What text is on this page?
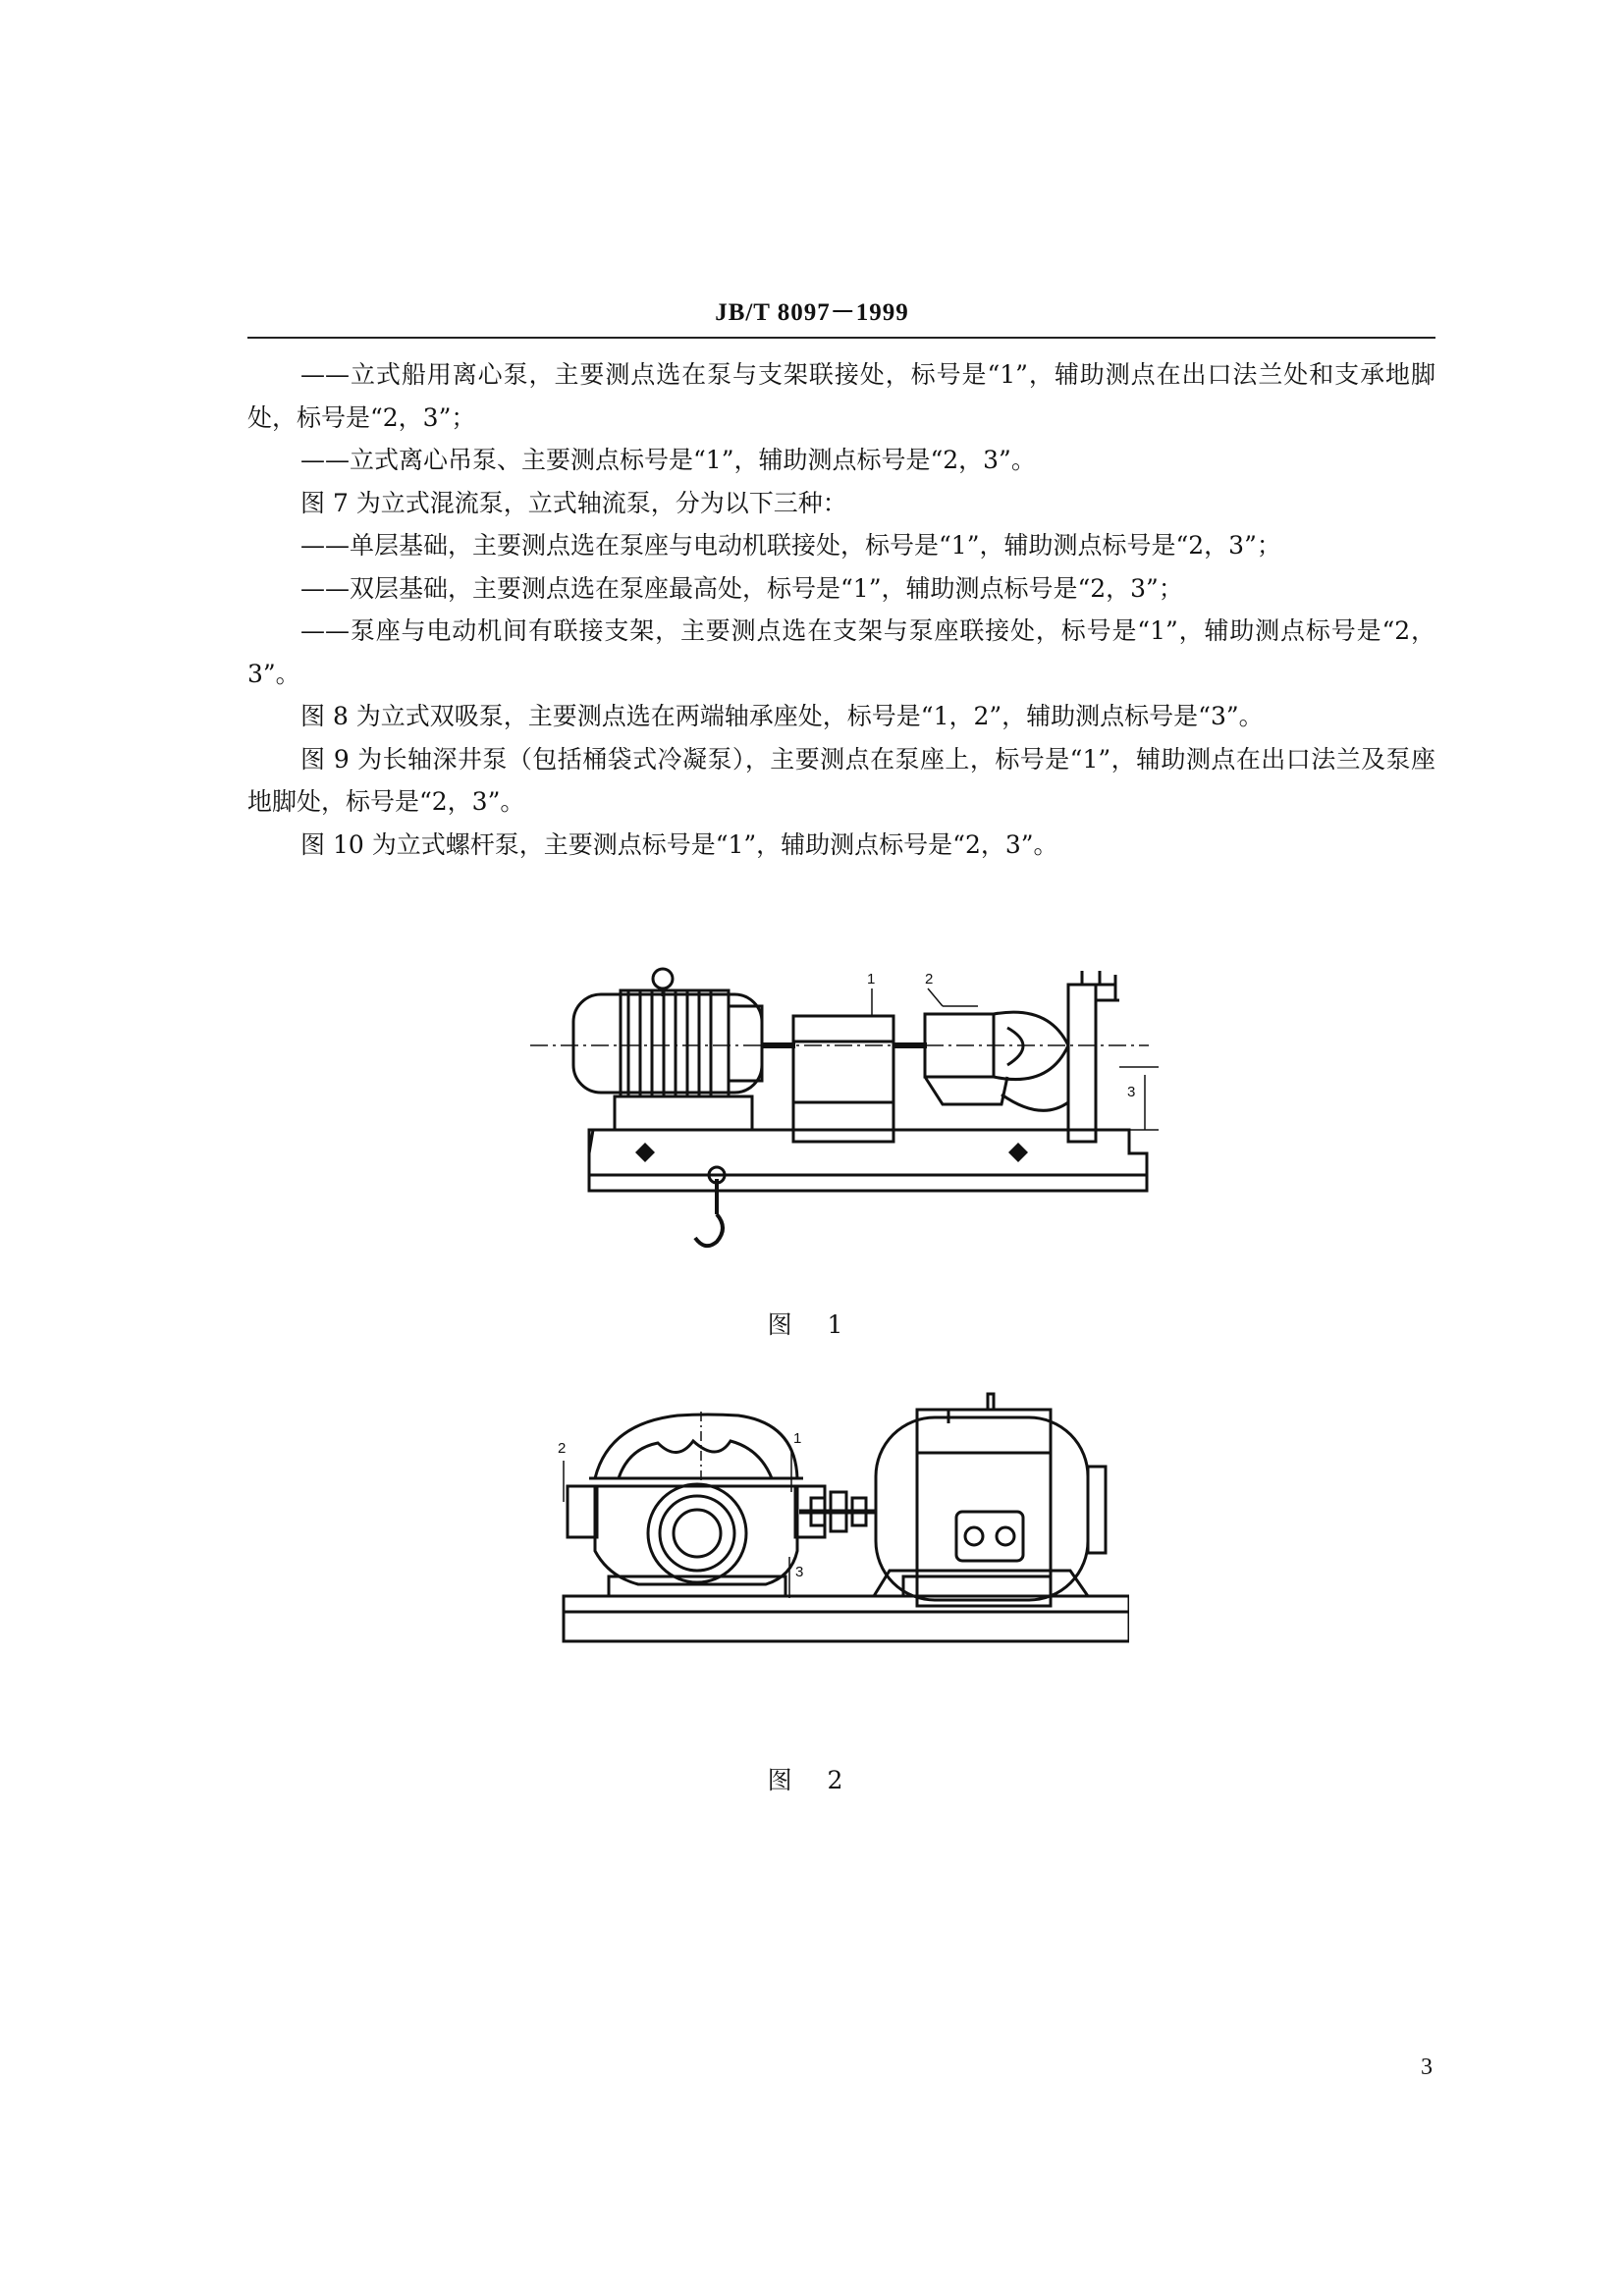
JB/T 8097－1999

——立式船用离心泵，主要测点选在泵与支架联接处，标号是“1”，辅助测点在出口法兰处和支承地脚处，标号是“2，3”；

——立式离心吊泵、主要测点标号是“1”，辅助测点标号是“2，3”。

图 7 为立式混流泵，立式轴流泵，分为以下三种：

——单层基础，主要测点选在泵座与电动机联接处，标号是“1”，辅助测点标号是“2，3”；

——双层基础，主要测点选在泵座最高处，标号是“1”，辅助测点标号是“2，3”；

——泵座与电动机间有联接支架，主要测点选在支架与泵座联接处，标号是“1”，辅助测点标号是“2，3”。

图 8 为立式双吸泵，主要测点选在两端轴承座处，标号是“1，2”，辅助测点标号是“3”。

图 9 为长轴深井泵（包括桶袋式冷凝泵），主要测点在泵座上，标号是“1”，辅助测点在出口法兰及泵座地脚处，标号是“2，3”。

图 10 为立式螺杆泵，主要测点标号是“1”，辅助测点标号是“2，3”。

1	2
3
图 1
2
1
3
图 2
3
